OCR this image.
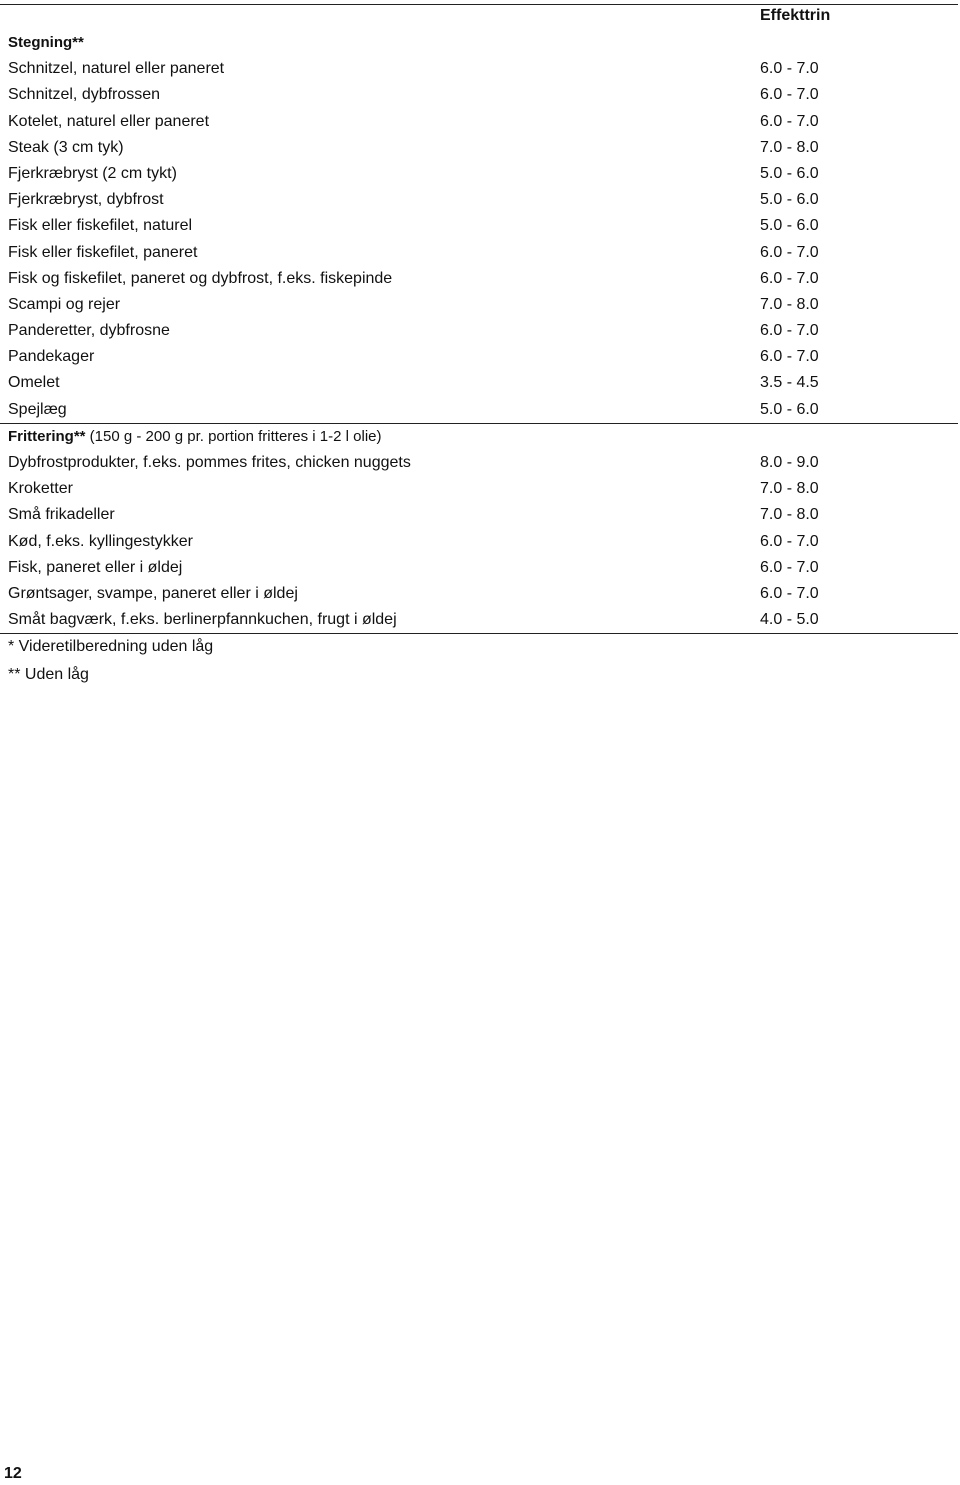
Effekttrin
Stegning**
Schnitzel, naturel eller paneret	6.0 - 7.0
Schnitzel, dybfrossen	6.0 - 7.0
Kotelet, naturel eller paneret	6.0 - 7.0
Steak (3 cm tyk)	7.0 - 8.0
Fjerkræbryst (2 cm tykt)	5.0 - 6.0
Fjerkræbryst, dybfrost	5.0 - 6.0
Fisk eller fiskefilet, naturel	5.0 - 6.0
Fisk eller fiskefilet, paneret	6.0 - 7.0
Fisk og fiskefilet, paneret og dybfrost, f.eks. fiskepinde	6.0 - 7.0
Scampi og rejer	7.0 - 8.0
Panderetter, dybfrosne	6.0 - 7.0
Pandekager	6.0 - 7.0
Omelet	3.5 - 4.5
Spejlæg	5.0 - 6.0
Frittering** (150 g - 200 g pr. portion fritteres i 1-2 l olie)
Dybfrostprodukter, f.eks. pommes frites, chicken nuggets	8.0 - 9.0
Kroketter	7.0 - 8.0
Små frikadeller	7.0 - 8.0
Kød, f.eks. kyllingestykker	6.0 - 7.0
Fisk, paneret eller i øldej	6.0 - 7.0
Grøntsager, svampe, paneret eller i øldej	6.0 - 7.0
Småt bagværk, f.eks. berlinerpfannkuchen, frugt i øldej	4.0 - 5.0
* Videretilberedning uden låg
** Uden låg
12
